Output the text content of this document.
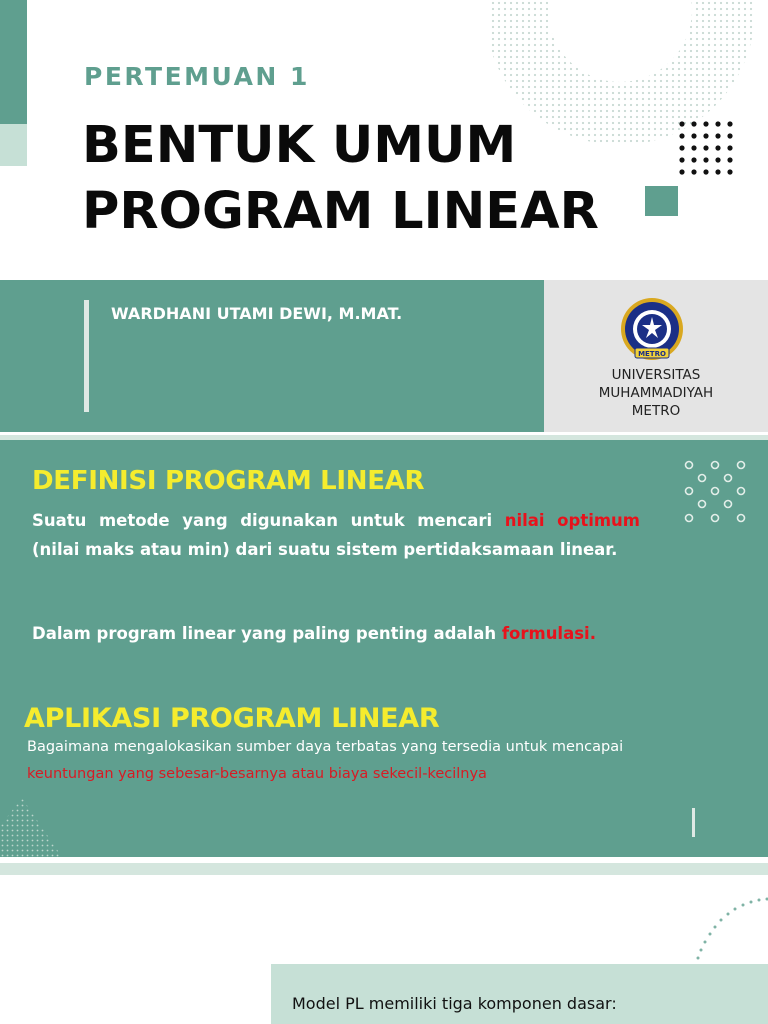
PERTEMUAN 1
BENTUK UMUM
PROGRAM LINEAR
WARDHANI UTAMI DEWI, M.MAT.
METRO
UNIVERSITAS
MUHAMMADIYAH
METRO
DEFINISI PROGRAM LINEAR
Suatu metode yang digunakan untuk mencari nilai optimum (nilai maks atau min) dari suatu sistem pertidaksamaan linear.
Dalam program linear yang paling penting adalah formulasi.
APLIKASI PROGRAM LINEAR
Bagaimana mengalokasikan sumber daya terbatas yang tersedia untuk mencapai
keuntungan yang sebesar-besarnya atau biaya sekecil-kecilnya
Model PL memiliki tiga komponen dasar:
